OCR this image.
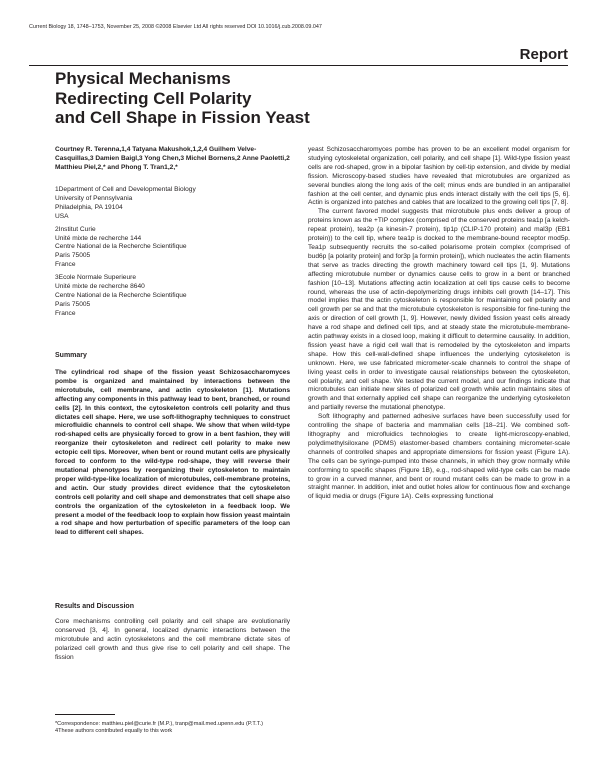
Current Biology 18, 1748–1753, November 25, 2008 ©2008 Elsevier Ltd All rights reserved DOI 10.1016/j.cub.2008.09.047
Report
Physical Mechanisms
Redirecting Cell Polarity
and Cell Shape in Fission Yeast
Courtney R. Terenna,1,4 Tatyana Makushok,1,2,4 Guilhem Velve-Casquillas,3 Damien Baigl,3 Yong Chen,3 Michel Bornens,2 Anne Paoletti,2 Matthieu Piel,2,* and Phong T. Tran1,2,*
1Department of Cell and Developmental Biology
University of Pennsylvania
Philadelphia, PA 19104
USA
2Institut Curie
Unité mixte de recherche 144
Centre National de la Recherche Scientifique
Paris 75005
France
3Ecole Normale Superieure
Unité mixte de recherche 8640
Centre National de la Recherche Scientifique
Paris 75005
France
Summary
The cylindrical rod shape of the fission yeast Schizosaccharomyces pombe is organized and maintained by interactions between the microtubule, cell membrane, and actin cytoskeleton [1]. Mutations affecting any components in this pathway lead to bent, branched, or round cells [2]. In this context, the cytoskeleton controls cell polarity and thus dictates cell shape. Here, we use soft-lithography techniques to construct microfluidic channels to control cell shape. We show that when wild-type rod-shaped cells are physically forced to grow in a bent fashion, they will reorganize their cytoskeleton and redirect cell polarity to make new ectopic cell tips. Moreover, when bent or round mutant cells are physically forced to conform to the wild-type rod-shape, they will reverse their mutational phenotypes by reorganizing their cytoskeleton to maintain proper wild-type-like localization of microtubules, cell-membrane proteins, and actin. Our study provides direct evidence that the cytoskeleton controls cell polarity and cell shape and demonstrates that cell shape also controls the organization of the cytoskeleton in a feedback loop. We present a model of the feedback loop to explain how fission yeast maintain a rod shape and how perturbation of specific parameters of the loop can lead to different cell shapes.
Results and Discussion
Core mechanisms controlling cell polarity and cell shape are evolutionarily conserved [3, 4]. In general, localized dynamic interactions between the microtubule and actin cytoskeletons and the cell membrane dictate sites of polarized cell growth and thus give rise to cell polarity and cell shape. The fission
*Correspondence: matthieu.piel@curie.fr (M.P.), tranp@mail.med.upenn.edu (P.T.T.)
4These authors contributed equally to this work

yeast Schizosaccharomyces pombe has proven to be an excellent model organism for studying cytoskeletal organization, cell polarity, and cell shape [1]. Wild-type fission yeast cells are rod-shaped, grow in a bipolar fashion by cell-tip extension, and divide by medial fission. Microscopy-based studies have revealed that microtubules are organized as several bundles along the long axis of the cell; minus ends are bundled in an antiparallel fashion at the cell center, and dynamic plus ends interact distally with the cell tips [5, 6]. Actin is organized into patches and cables that are localized to the growing cell tips [7, 8].

The current favored model suggests that microtubule plus ends deliver a group of proteins known as the +TIP complex (comprised of the conserved proteins tea1p [a kelch-repeat protein), tea2p (a kinesin-7 protein), tip1p (CLIP-170 protein) and mal3p (EB1 protein)) to the cell tip, where tea1p is docked to the membrane-bound receptor mod5p. Tea1p subsequently recruits the so-called polarisome protein complex (comprised of bud6p [a polarity protein] and for3p [a formin protein]), which nucleates the actin filaments that serve as tracks directing the growth machinery toward cell tips [1, 9]. Mutations affecting microtubule number or dynamics cause cells to grow in a bent or branched fashion [10–13]. Mutations affecting actin localization at cell tips cause cells to become round, whereas the use of actin-depolymerizing drugs inhibits cell growth [14–17]. This model implies that the actin cytoskeleton is responsible for maintaining cell polarity and cell growth per se and that the microtubule cytoskeleton is responsible for fine-tuning the axis or direction of cell growth [1, 9]. However, newly divided fission yeast cells already have a rod shape and defined cell tips, and at steady state the microtubule-membrane-actin pathway exists in a closed loop, making it difficult to determine causality. In addition, fission yeast have a rigid cell wall that is remodeled by the cytoskeleton and imparts shape. How this cell-wall-defined shape influences the underlying cytoskeleton is unknown. Here, we use fabricated micrometer-scale channels to control the shape of living yeast cells in order to investigate causal relationships between the cytoskeleton, cell polarity, and cell shape. We tested the current model, and our findings indicate that microtubules can initiate new sites of polarized cell growth while actin maintains sites of growth and that externally applied cell shape can reorganize the underlying cytoskeleton and partially reverse the mutational phenotype.

Soft lithography and patterned adhesive surfaces have been successfully used for controlling the shape of bacteria and mammalian cells [18–21]. We combined soft-lithography and microfluidics technologies to create light-microscopy-enabled, polydimethylsiloxane (PDMS) elastomer-based chambers containing micrometer-scale channels of controlled shapes and appropriate dimensions for fission yeast (Figure 1A). The cells can be syringe-pumped into these channels, in which they grow normally while conforming to specific shapes (Figure 1B), e.g., rod-shaped wild-type cells can be made to grow in a curved manner, and bent or round mutant cells can be made to grow in a straight manner. In addition, inlet and outlet holes allow for continuous flow and exchange of liquid media or drugs (Figure 1A). Cells expressing functional
